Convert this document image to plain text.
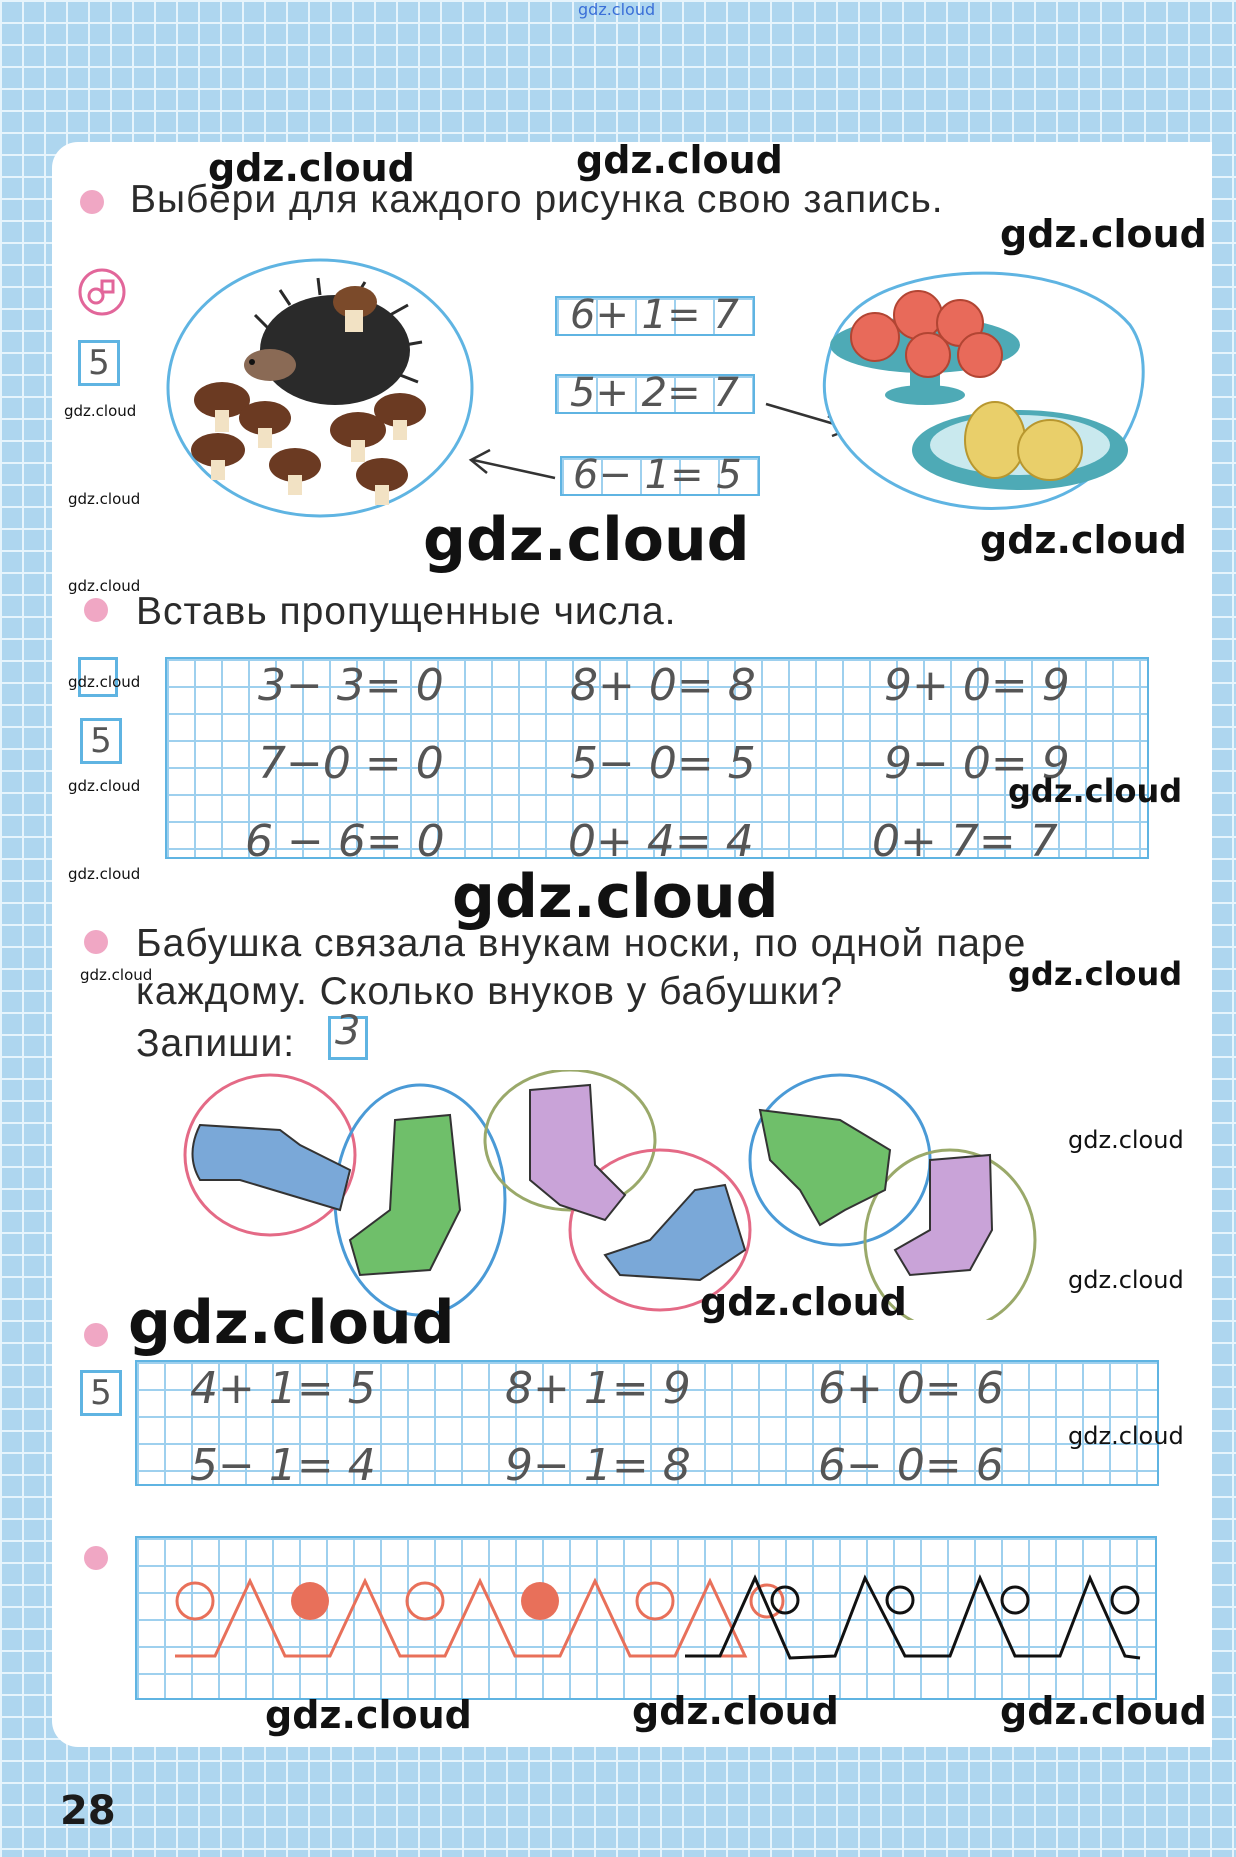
gdz.cloud
Выбери для каждого рисунка свою запись.
5
6+ 1= 7
5+ 2= 7
6− 1= 5
Вставь пропущенные числа.
5
3− 3= 0	8+ 0= 8	9+ 0= 9
7−0 = 0	5− 0= 5	9− 0= 9
6 − 6= 0	0+ 4= 4	0+ 7= 7
Бабушка связала внукам носки, по одной паре
каждому. Сколько внуков у бабушки?
Запиши: 3
5 4+ 1= 5	8+ 1= 9	6+ 0= 6
5− 1= 4	9− 1= 8	6− 0= 6
gdz.cloud	gdz.cloud
gdz.cloud
gdz.cloud
gdz.cloud
gdz.cloud	gdz.cloud
gdz.cloud
gdz.cloud
gdz.cloud	gdz.cloud
gdz.cloud	gdz.cloud
gdz.cloud	gdz.cloud
gdz.cloud
gdz.cloud
gdz.cloud
gdz.cloud
gdz.cloud
gdz.cloud	gdz.cloud	gdz.cloud
28
